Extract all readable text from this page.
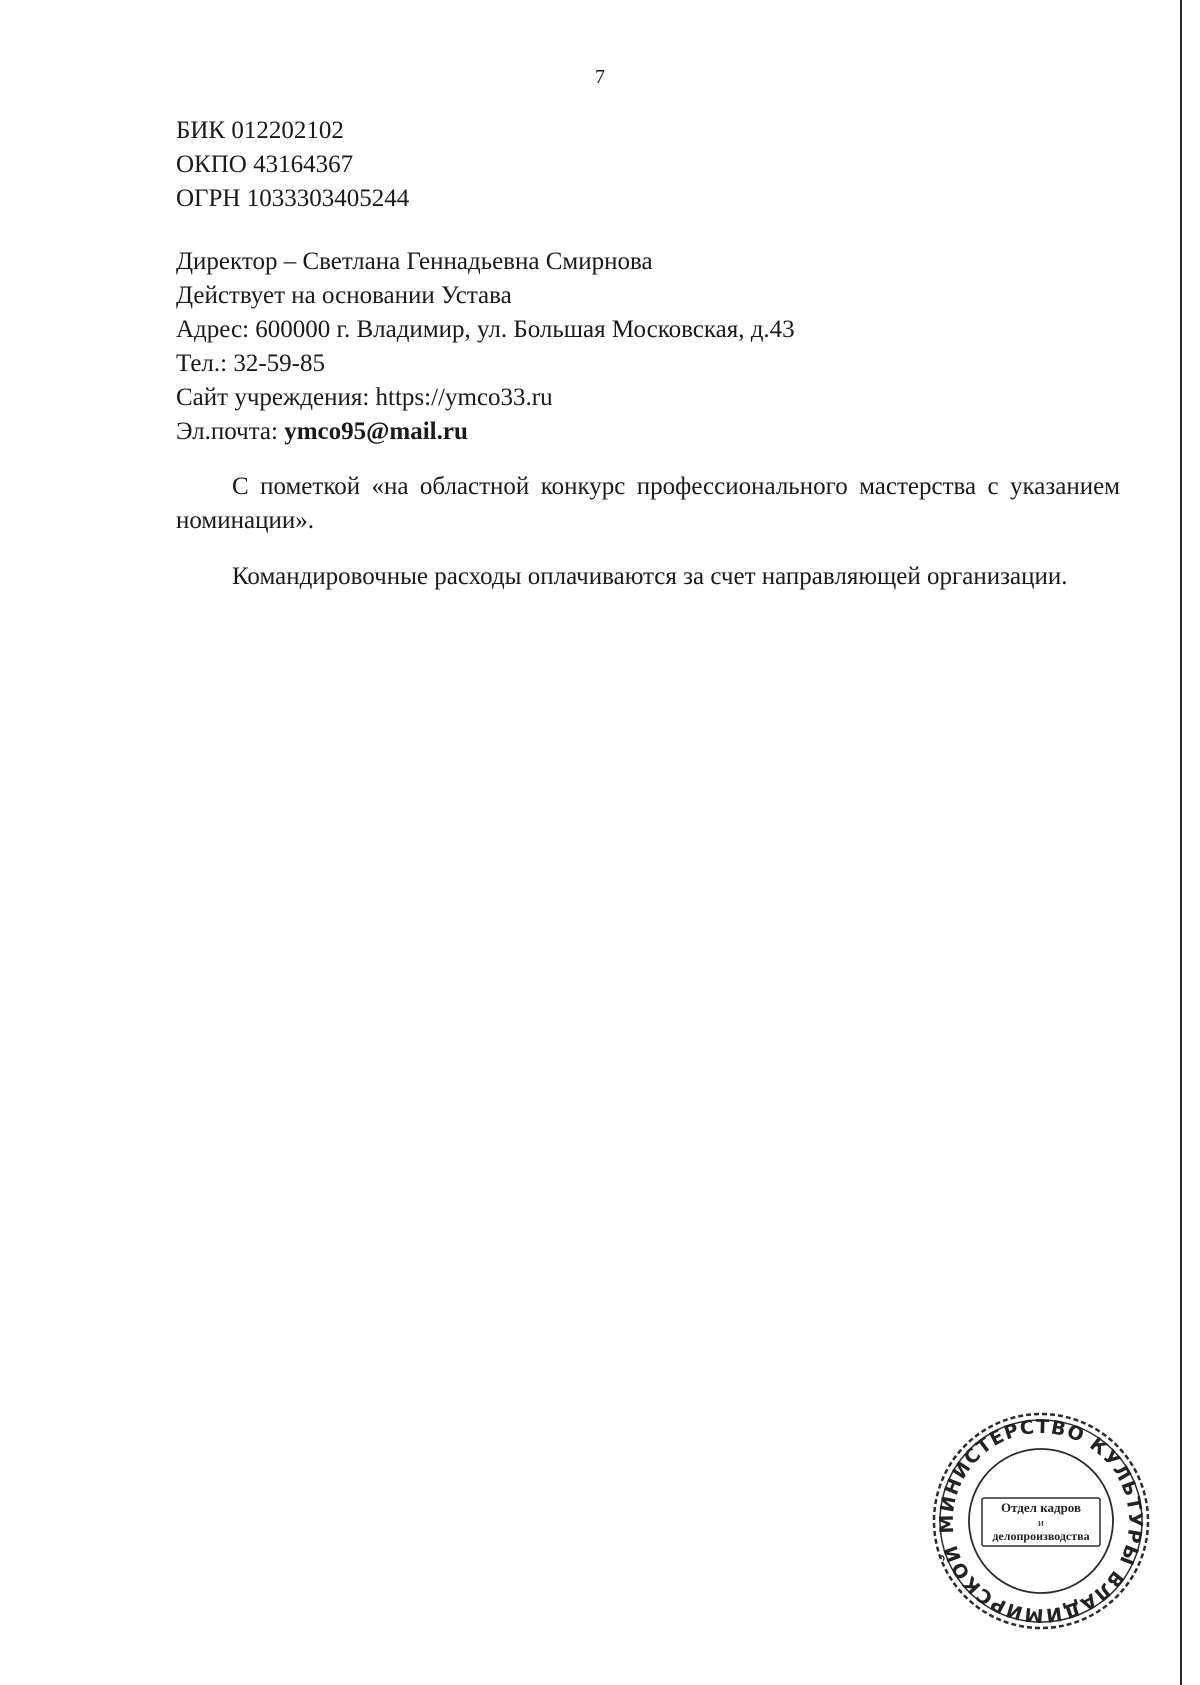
7
БИК 012202102
ОКПО 43164367
ОГРН 1033303405244
Директор – Светлана Геннадьевна Смирнова
Действует на основании Устава
Адрес: 600000 г. Владимир, ул. Большая Московская, д.43
Тел.: 32-59-85
Сайт учреждения: https://ymco33.ru
Эл.почта: ymco95@mail.ru
С пометкой «на областной конкурс профессионального мастерства с указанием номинации».
Командировочные расходы оплачиваются за счет направляющей организации.
МИНИСТЕРСТВО КУЛЬТУРЫ ВЛАДИМИРСКОЙ
Отдел кадров
и
делопроизводства
